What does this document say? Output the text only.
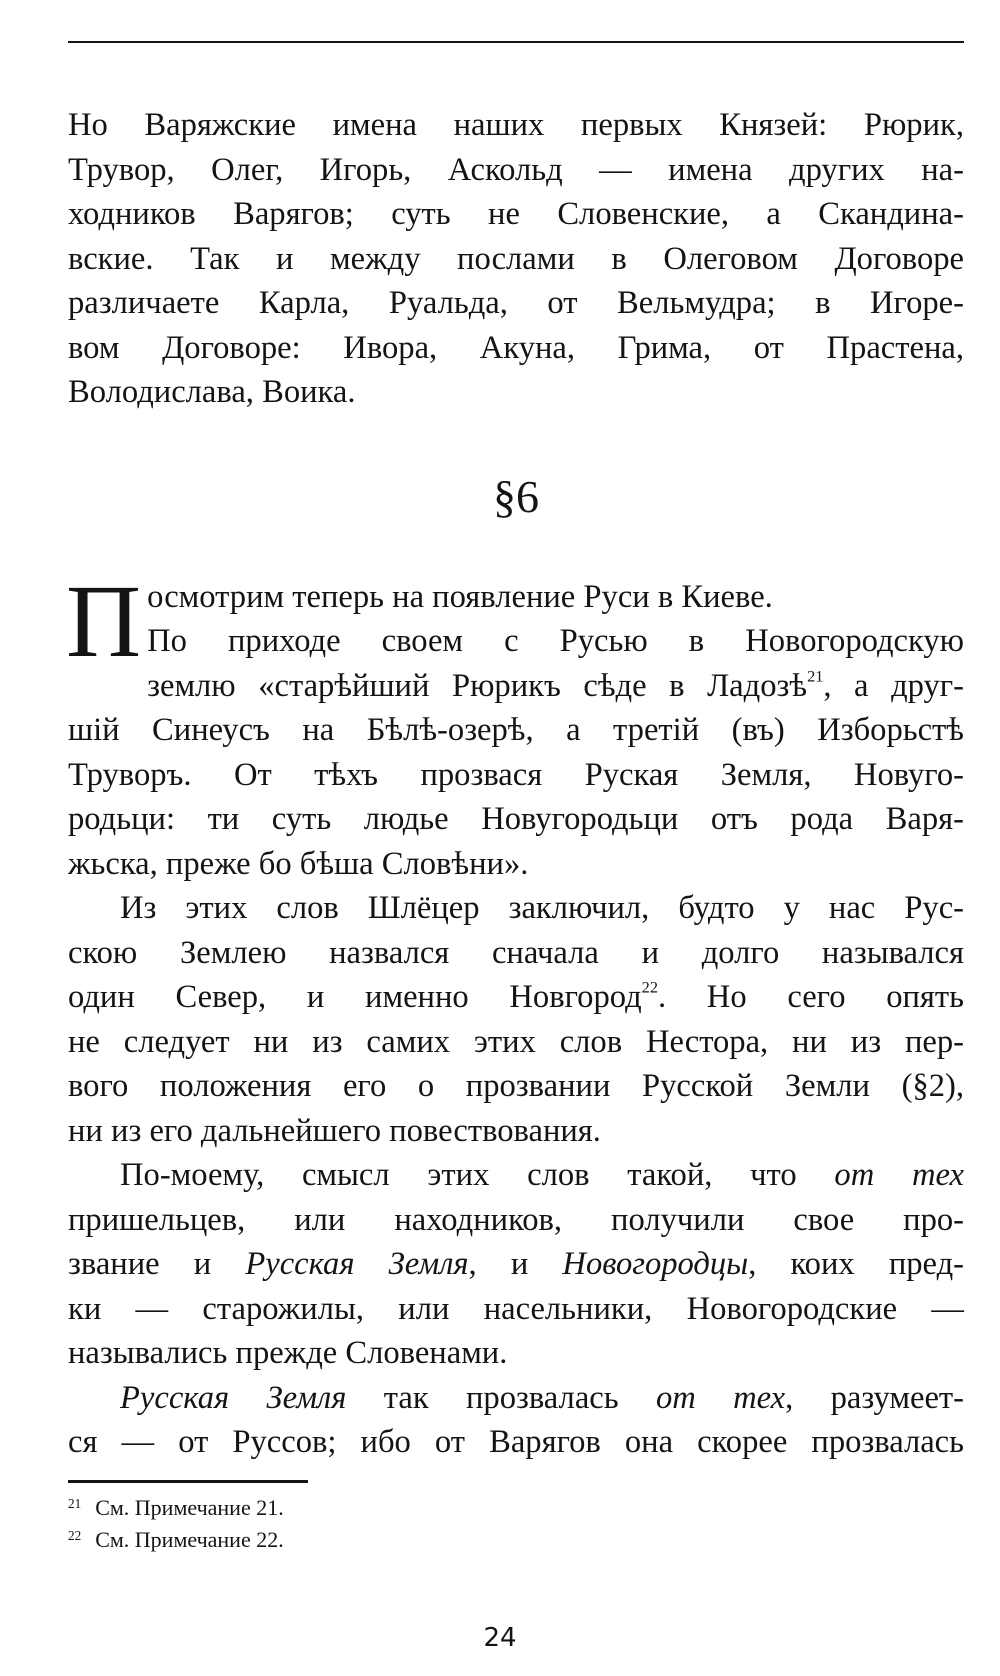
Но Варяжские имена наших первых Князей: Рюрик,
Трувор, Олег, Игорь, Аскольд — имена других на-
ходников Варягов; суть не Словенские, а Скандина-
вские. Так и между послами в Олеговом Договоре
различаете Карла, Руальда, от Вельмудра; в Игоре-
вом Договоре: Ивора, Акуна, Грима, от Прастена,
Володислава, Воика.

§6

П осмотрим теперь на появление Руси в Киеве.
По приходе своем с Русью в Новогородскую
землю «старѣйший Рюрикъ сѣде в Ладозѣ$^{21}$, а друг-
шій Синеусъ на Бѣлѣ-озерѣ, а третій (въ) Изборьстѣ
Труворъ. От тѣхъ прозвася Руская Земля, Новуго-
родьци: ти суть людье Новугородьци отъ рода Варя-
жьска, преже бо бѣша Словѣни».

Из этих слов Шлёцер заключил, будто у нас Рус-
скою Землею назвался сначала и долго назывался
один Север, и именно Новгород$^{22}$. Но сего опять
не следует ни из самих этих слов Нестора, ни из пер-
вого положения его о прозвании Русской Земли (§2),
ни из его дальнейшего повествования.

По-моему, смысл этих слов такой, что от тех
пришельцев, или находников, получили свое про-
звание и Русская Земля, и Новогородцы, коих пред-
ки — старожилы, или насельники, Новогородские —
назывались прежде Словенами.

Русская Земля так прозвалась от тех, разумеет-
ся — от Руссов; ибо от Варягов она скорее прозвалась

$^{21}$ См. Примечание 21.
$^{22}$ См. Примечание 22.
24
